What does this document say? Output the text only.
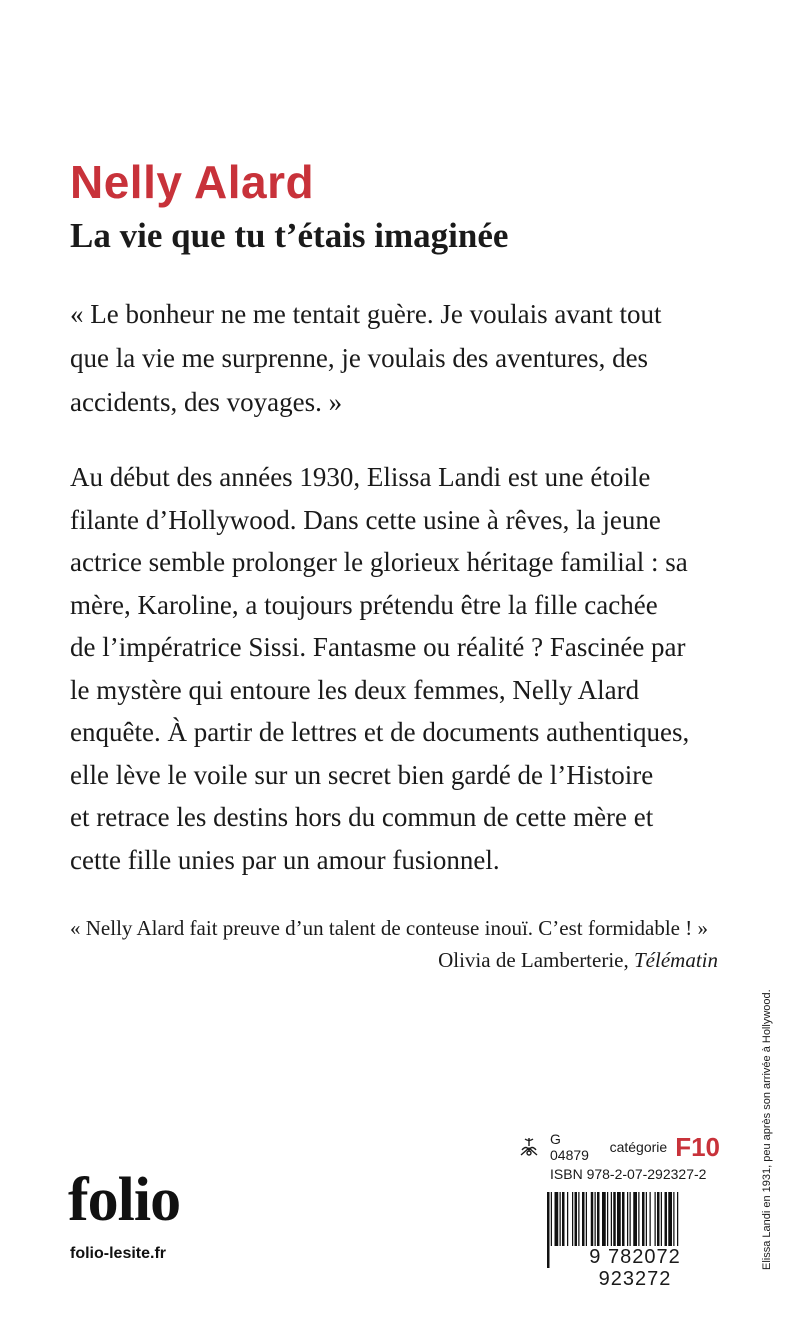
Nelly Alard
La vie que tu t’étais imaginée

« Le bonheur ne me tentait guère. Je voulais avant tout
que la vie me surprenne, je voulais des aventures, des
accidents, des voyages. »

Au début des années 1930, Elissa Landi est une étoile
filante d’Hollywood. Dans cette usine à rêves, la jeune
actrice semble prolonger le glorieux héritage familial : sa
mère, Karoline, a toujours prétendu être la fille cachée
de l’impératrice Sissi. Fantasme ou réalité ? Fascinée par
le mystère qui entoure les deux femmes, Nelly Alard
enquête. À partir de lettres et de documents authentiques,
elle lève le voile sur un secret bien gardé de l’Histoire
et retrace les destins hors du commun de cette mère et
cette fille unies par un amour fusionnel.

« Nelly Alard fait preuve d’un talent de conteuse inouï. C’est formidable ! »

Olivia de Lamberterie, Télématin

folio
folio-lesite.fr
G 04879	catégorie F10
ISBN 978-2-07-292327-2
9 782072 923272
Elissa Landi en 1931, peu après son arrivée à Hollywood.
